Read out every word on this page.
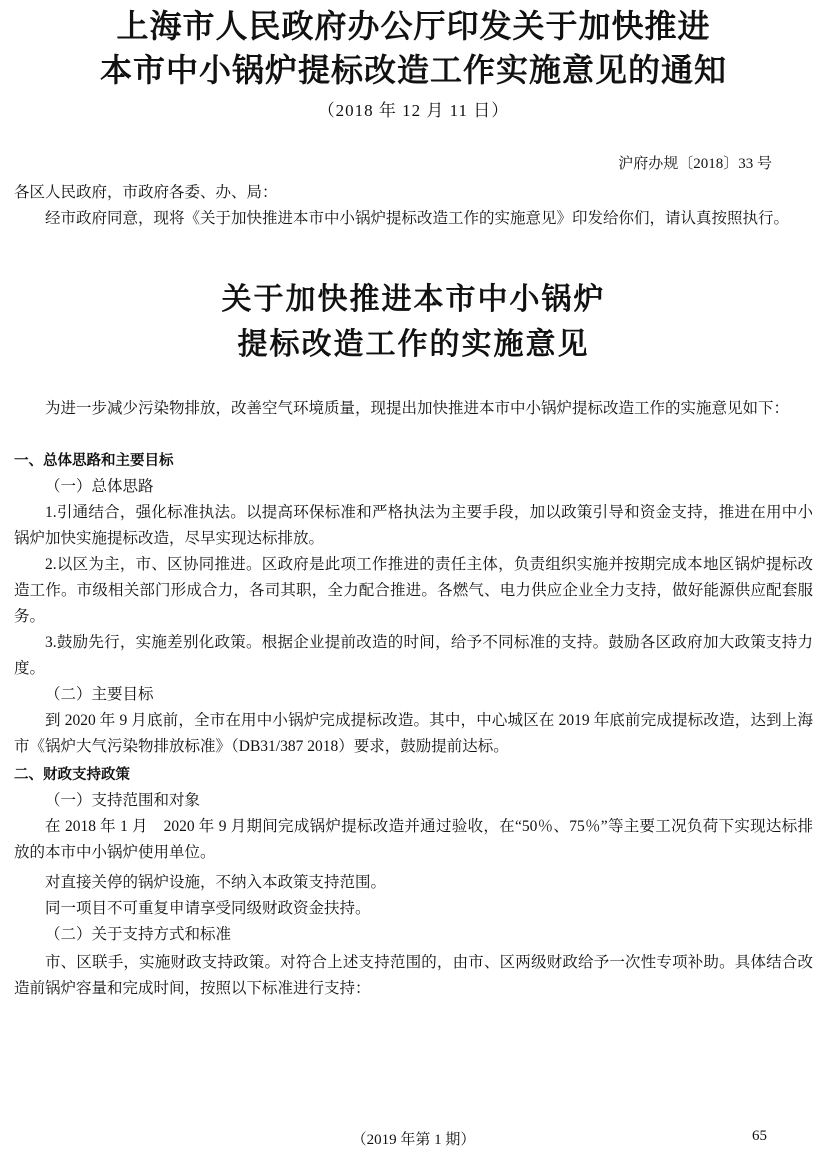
上海市人民政府办公厅印发关于加快推进
本市中小锅炉提标改造工作实施意见的通知
（2018 年 12 月 11 日）
沪府办规〔2018〕33 号
各区人民政府，市政府各委、办、局：
经市政府同意，现将《关于加快推进本市中小锅炉提标改造工作的实施意见》印发给你们，请认真按照执行。
关于加快推进本市中小锅炉
提标改造工作的实施意见
为进一步减少污染物排放，改善空气环境质量，现提出加快推进本市中小锅炉提标改造工作的实施意见如下：
一、总体思路和主要目标
（一）总体思路
1.引通结合，强化标准执法。以提高环保标准和严格执法为主要手段，加以政策引导和资金支持，推进在用中小锅炉加快实施提标改造，尽早实现达标排放。
2.以区为主，市、区协同推进。区政府是此项工作推进的责任主体，负责组织实施并按期完成本地区锅炉提标改造工作。市级相关部门形成合力，各司其职，全力配合推进。各燃气、电力供应企业全力支持，做好能源供应配套服务。
3.鼓励先行，实施差别化政策。根据企业提前改造的时间，给予不同标准的支持。鼓励各区政府加大政策支持力度。
（二）主要目标
到 2020 年 9 月底前，全市在用中小锅炉完成提标改造。其中，中心城区在 2019 年底前完成提标改造，达到上海市《锅炉大气污染物排放标准》（DB31/387 2018）要求，鼓励提前达标。
二、财政支持政策
（一）支持范围和对象
在 2018 年 1 月　2020 年 9 月期间完成锅炉提标改造并通过验收，在“50％、75％”等主要工况负荷下实现达标排放的本市中小锅炉使用单位。
对直接关停的锅炉设施，不纳入本政策支持范围。
同一项目不可重复申请享受同级财政资金扶持。
（二）关于支持方式和标准
市、区联手，实施财政支持政策。对符合上述支持范围的，由市、区两级财政给予一次性专项补助。具体结合改造前锅炉容量和完成时间，按照以下标准进行支持：
（2019 年第 1 期）	65
